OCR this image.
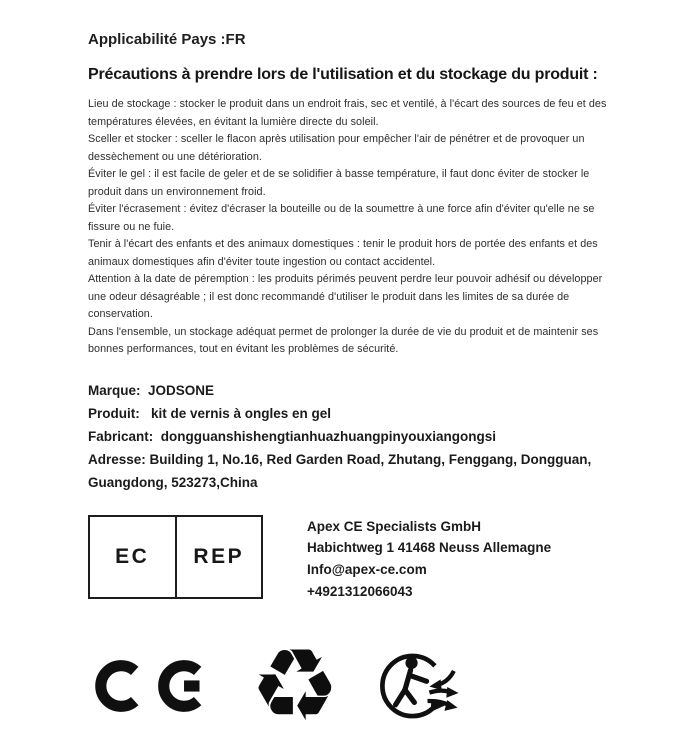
Applicabilité Pays :FR
Précautions à prendre lors de l'utilisation et du stockage du produit :
Lieu de stockage : stocker le produit dans un endroit frais, sec et ventilé, à l'écart des sources de feu et des
températures élevées, en évitant la lumière directe du soleil.
Sceller et stocker : sceller le flacon après utilisation pour empêcher l'air de pénétrer et de provoquer un
dessèchement ou une détérioration.
Éviter le gel : il est facile de geler et de se solidifier à basse température, il faut donc éviter de stocker le
produit dans un environnement froid.
Éviter l'écrasement : évitez d'écraser la bouteille ou de la soumettre à une force afin d'éviter qu'elle ne se
fissure ou ne fuie.
Tenir à l'écart des enfants et des animaux domestiques : tenir le produit hors de portée des enfants et des
animaux domestiques afin d'éviter toute ingestion ou contact accidentel.
Attention à la date de péremption : les produits périmés peuvent perdre leur pouvoir adhésif ou développer
une odeur désagréable ; il est donc recommandé d'utiliser le produit dans les limites de sa durée de
conservation.
Dans l'ensemble, un stockage adéquat permet de prolonger la durée de vie du produit et de maintenir ses
bonnes performances, tout en évitant les problèmes de sécurité.
Marque:  JODSONE
Produit:   kit de vernis à ongles en gel
Fabricant:  dongguanshishengtianhuazhuangpinyouxiangongsi
Adresse: Building 1, No.16, Red Garden Road, Zhutang, Fenggang, Dongguan, Guangdong, 523273,China
EC	REP
Apex CE Specialists GmbH
Habichtweg 1 41468 Neuss Allemagne
Info@apex-ce.com
+4921312066043
♻
